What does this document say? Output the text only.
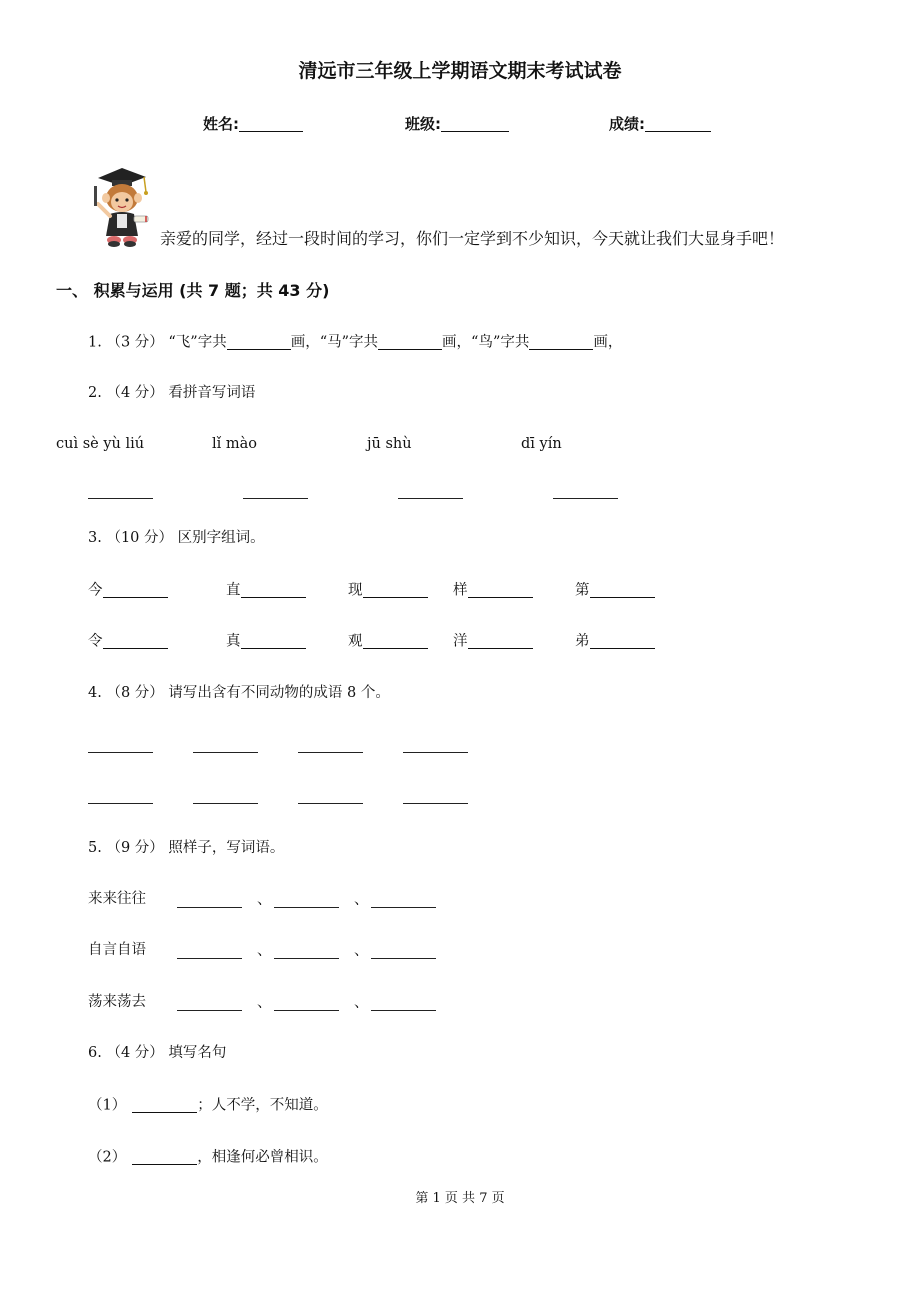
清远市三年级上学期语文期末考试试卷
姓名:	班级:	成绩:
亲爱的同学，经过一段时间的学习，你们一定学到不少知识，今天就让我们大显身手吧！
一、 积累与运用 (共 7 题；共 43 分)
1. （3 分） “飞”字共	画，“马”字共	画，“鸟”字共	画，
2. （4 分） 看拼音写词语
cuì sè yù liú	lǐ mào	jū shù	dī yín
3. （10 分） 区别字组词。
今	直	现	样	第
令	真	观	洋	弟
4. （8 分） 请写出含有不同动物的成语 8 个。
5. （9 分） 照样子，写词语。
来来往往	、	、
自言自语	、	、
荡来荡去	、	、
6. （4 分） 填写名句
（1）	；人不学，不知道。
（2）	，相逢何必曾相识。
第 1 页 共 7 页
